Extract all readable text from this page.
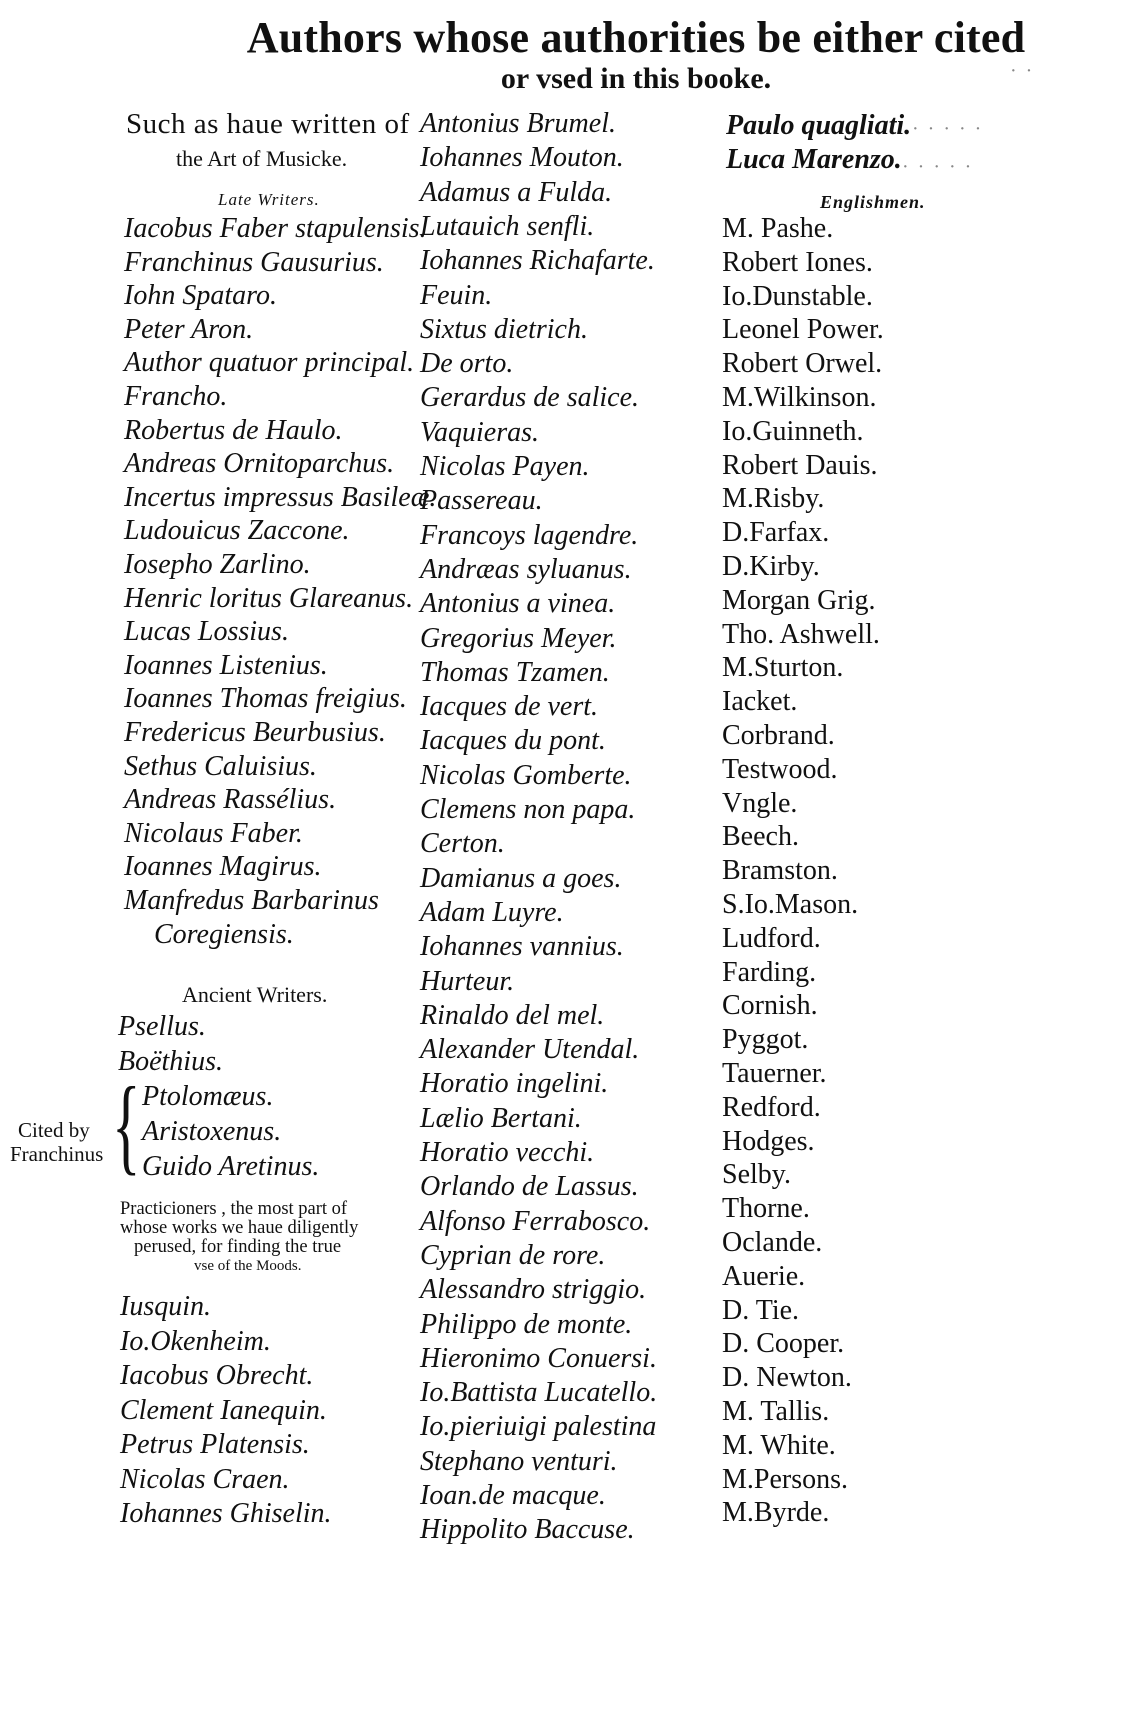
Authors whose authorities be either cited
or vsed in this booke.
Such as haue written of
the Art of Musicke.
Late Writers.
Iacobus Faber stapulensis.
Franchinus Gausurius.
Iohn Spataro.
Peter Aron.
Author quatuor principal.
Francho.
Robertus de Haulo.
Andreas Ornitoparchus.
Incertus impressus Basileæ.
Ludouicus Zaccone.
Iosepho Zarlino.
Henric loritus Glareanus.
Lucas Lossius.
Ioannes Listenius.
Ioannes Thomas freigius.
Fredericus Beurbusius.
Sethus Caluisius.
Andreas Rassélius.
Nicolaus Faber.
Ioannes Magirus.
Manfredus Barbarinus
Coregiensis.
Ancient Writers.
Psellus.
Boëthius.
Ptolomæus.
Aristoxenus.
Guido Aretinus.
{
Cited by
Franchinus
Practicioners , the most part of
whose works we haue diligently
perused, for finding the true
vse of the Moods.
Iusquin.
Io.Okenheim.
Iacobus Obrecht.
Clement Ianequin.
Petrus Platensis.
Nicolas Craen.
Iohannes Ghiselin.
Antonius Brumel.
Iohannes Mouton.
Adamus a Fulda.
Lutauich senfli.
Iohannes Richafarte.
Feuin.
Sixtus dietrich.
De orto.
Gerardus de salice.
Vaquieras.
Nicolas Payen.
Passereau.
Francoys lagendre.
Andræas syluanus.
Antonius a vinea.
Gregorius Meyer.
Thomas Tzamen.
Iacques de vert.
Iacques du pont.
Nicolas Gomberte.
Clemens non papa.
Certon.
Damianus a goes.
Adam Luyre.
Iohannes vannius.
Hurteur.
Rinaldo del mel.
Alexander Utendal.
Horatio ingelini.
Lælio Bertani.
Horatio vecchi.
Orlando de Lassus.
Alfonso Ferrabosco.
Cyprian de rore.
Alessandro striggio.
Philippo de monte.
Hieronimo Conuersi.
Io.Battista Lucatello.
Io.pieriuigi palestina
Stephano venturi.
Ioan.de macque.
Hippolito Baccuse.
Paulo quagliati.
Luca Marenzo.
Englishmen.
M. Pashe.
Robert Iones.
Io.Dunstable.
Leonel Power.
Robert Orwel.
M.Wilkinson.
Io.Guinneth.
Robert Dauis.
M.Risby.
D.Farfax.
D.Kirby.
Morgan Grig.
Tho. Ashwell.
M.Sturton.
Iacket.
Corbrand.
Testwood.
Vngle.
Beech.
Bramston.
S.Io.Mason.
Ludford.
Farding.
Cornish.
Pyggot.
Tauerner.
Redford.
Hodges.
Selby.
Thorne.
Oclande.
Auerie.
D. Tie.
D. Cooper.
D. Newton.
M. Tallis.
M. White.
M.Persons.
M.Byrde.
· · · · ·
· · · · ·
· ·
